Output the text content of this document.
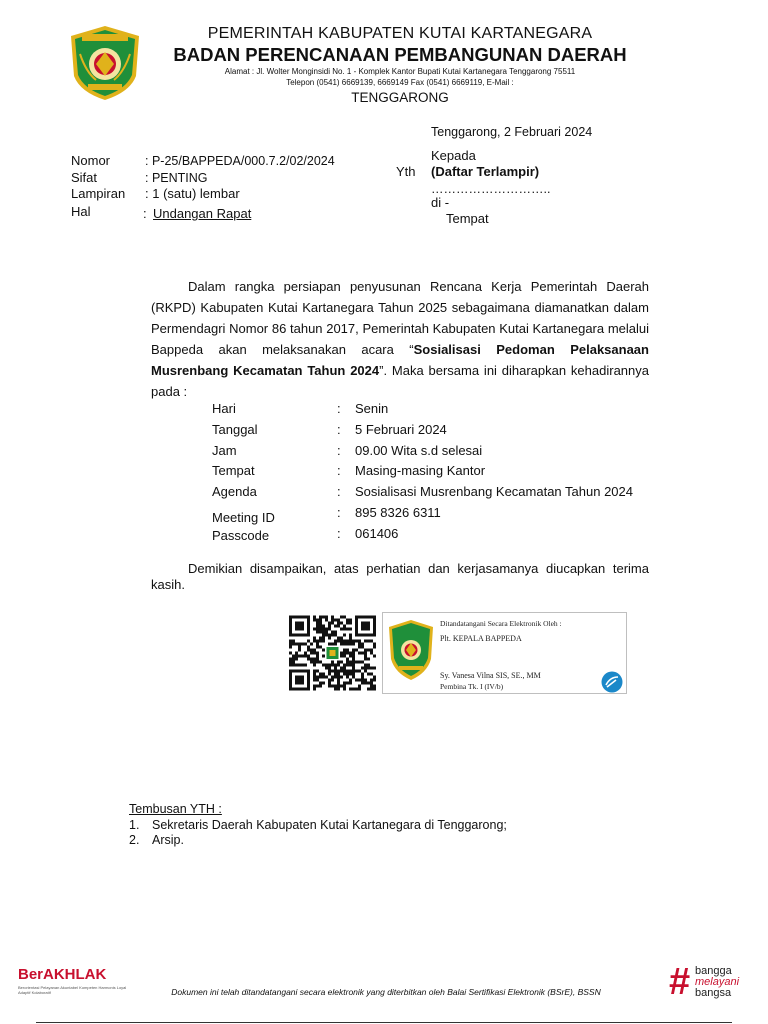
PEMERINTAH KABUPATEN KUTAI KARTANEGARA
BADAN PERENCANAAN PEMBANGUNAN DAERAH
Alamat : Jl. Wolter Monginsidi No. 1 - Komplek Kantor Bupati Kutai Kartanegara Tenggarong 75511
Telepon (0541) 6669139, 6669149 Fax (0541) 6669119, E-Mail :
TENGGARONG
Tenggarong, 2 Februari 2024
Nomor	: P-25/BAPPEDA/000.7.2/02/2024
Sifat	: PENTING
Lampiran : 1 (satu) lembar
Hal	: Undangan Rapat
Kepada
Yth (Daftar Terlampir)
………………………..
di -
Tempat

Dalam rangka persiapan penyusunan Rencana Kerja Pemerintah Daerah (RKPD) Kabupaten Kutai Kartanegara Tahun 2025 sebagaimana diamanatkan dalam Permendagri Nomor 86 tahun 2017, Pemerintah Kabupaten Kutai Kartanegara melalui Bappeda akan melaksanakan acara “Sosialisasi Pedoman Pelaksanaan Musrenbang Kecamatan Tahun 2024”. Maka bersama ini diharapkan kehadirannya pada :

Hari	: Senin
Tanggal	: 5 Februari 2024
Jam	: 09.00 Wita s.d selesai
Tempat	: Masing-masing Kantor
Agenda	: Sosialisasi Musrenbang Kecamatan Tahun 2024
Meeting ID	: 895 8326 6311
Passcode	: 061406

Demikian disampaikan, atas perhatian dan kerjasamanya diucapkan terima kasih.

Ditandatangani Secara Elektronik Oleh :
Plt. KEPALA BAPPEDA
Sy. Vanesa Vilna SIS, SE., MM
Pembina Tk. I (IV/b)
Tembusan YTH :
1. Sekretaris Daerah Kabupaten Kutai Kartanegara di Tenggarong;
2. Arsip.
BerAKHLAK
Berorientasi Pelayanan Akuntabel Kompeten Harmonis Loyal Adaptif Kolaboratif	Dokumen ini telah ditandatangani secara elektronik yang diterbitkan oleh Balai Sertifikasi Elektronik (BSrE), BSSN	# bangga
melayani
bangsa
